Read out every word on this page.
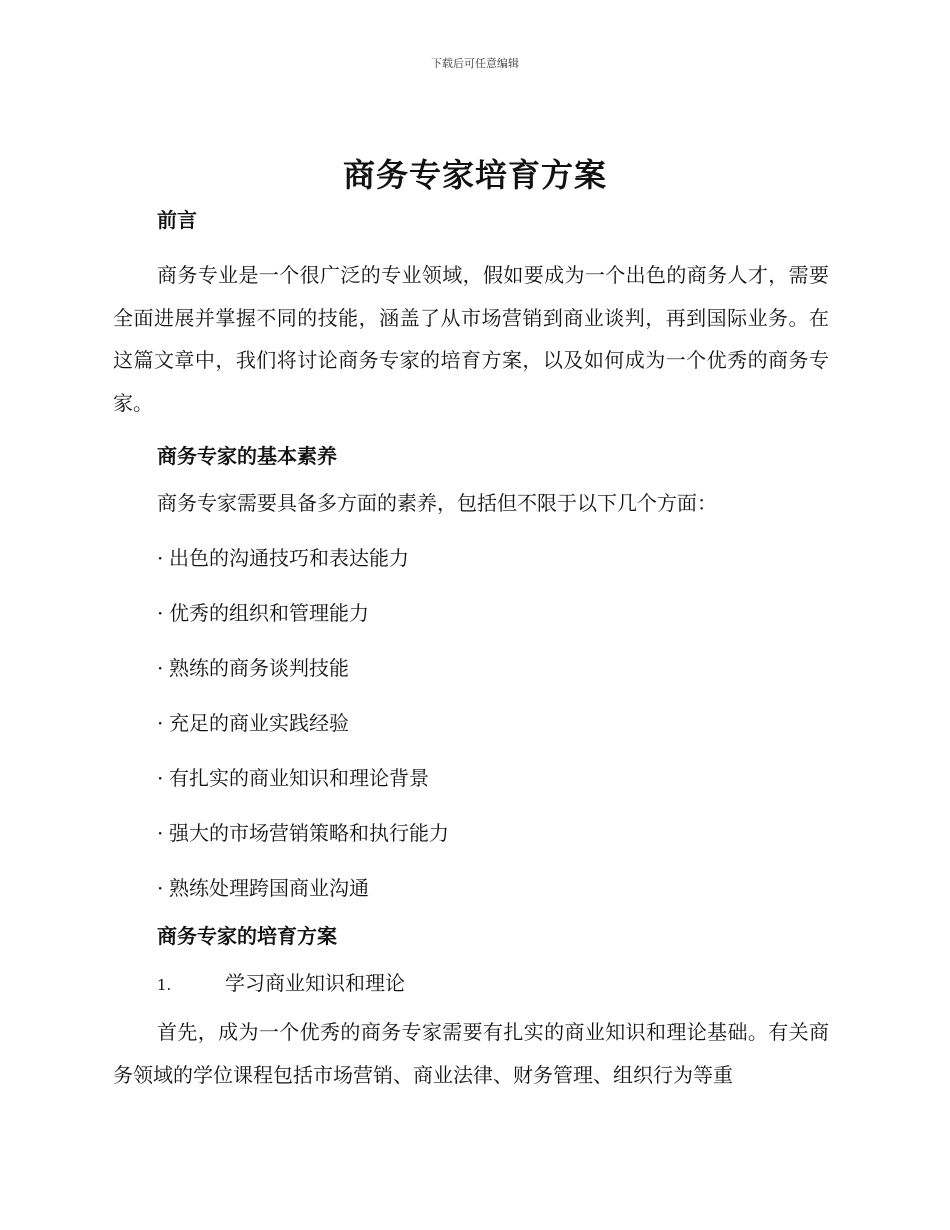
下载后可任意编辑
商务专家培育方案
前言

商务专业是一个很广泛的专业领域，假如要成为一个出色的商务人才，需要全面进展并掌握不同的技能，涵盖了从市场营销到商业谈判，再到国际业务。在这篇文章中，我们将讨论商务专家的培育方案，以及如何成为一个优秀的商务专家。

商务专家的基本素养

商务专家需要具备多方面的素养，包括但不限于以下几个方面：

· 出色的沟通技巧和表达能力

· 优秀的组织和管理能力

· 熟练的商务谈判技能

· 充足的商业实践经验

· 有扎实的商业知识和理论背景

· 强大的市场营销策略和执行能力

· 熟练处理跨国商业沟通

商务专家的培育方案

1.	学习商业知识和理论

首先，成为一个优秀的商务专家需要有扎实的商业知识和理论基础。有关商务领域的学位课程包括市场营销、商业法律、财务管理、组织行为等重
